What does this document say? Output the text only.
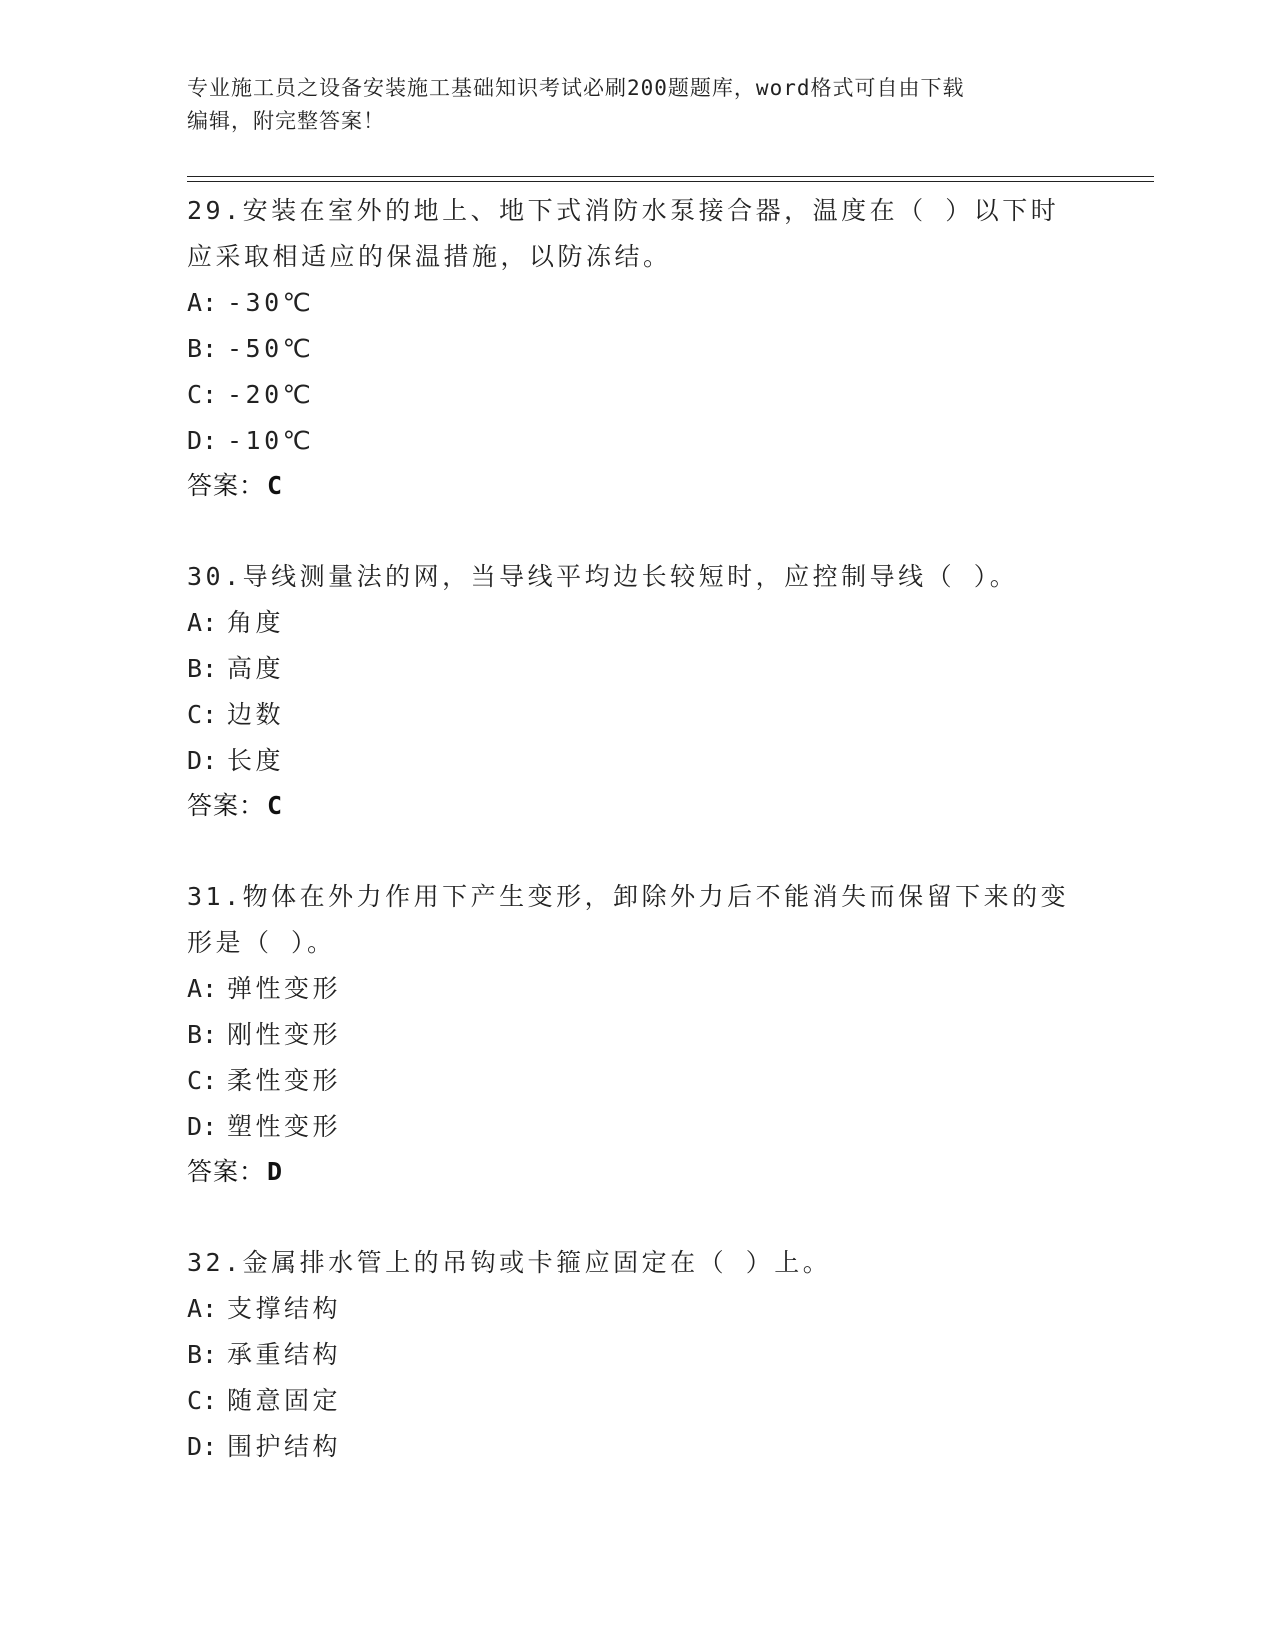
专业施工员之设备安装施工基础知识考试必刷200题题库，word格式可自由下载
编辑，附完整答案！
29.安装在室外的地上、地下式消防水泵接合器，温度在（ ）以下时
应采取相适应的保温措施，以防冻结。
A: -30℃
B: -50℃
C: -20℃
D: -10℃
答案： C
30.导线测量法的网，当导线平均边长较短时，应控制导线（ ）。
A: 角度
B: 高度
C: 边数
D: 长度
答案： C
31.物体在外力作用下产生变形，卸除外力后不能消失而保留下来的变
形是（ ）。
A: 弹性变形
B: 刚性变形
C: 柔性变形
D: 塑性变形
答案： D
32.金属排水管上的吊钩或卡箍应固定在（ ）上。
A: 支撑结构
B: 承重结构
C: 随意固定
D: 围护结构
